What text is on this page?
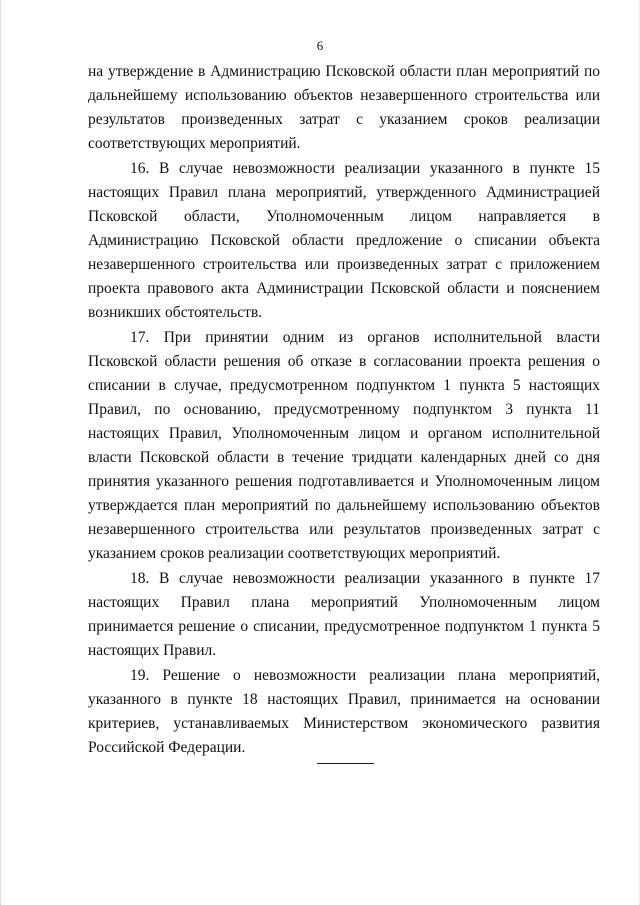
6

на утверждение в Администрацию Псковской области план мероприятий по дальнейшему использованию объектов незавершенного строительства или результатов произведенных затрат с указанием сроков реализации соответствующих мероприятий.

16. В случае невозможности реализации указанного в пункте 15 настоящих Правил плана мероприятий, утвержденного Администрацией Псковской области, Уполномоченным лицом направляется в Администрацию Псковской области предложение о списании объекта незавершенного строительства или произведенных затрат с приложением проекта правового акта Администрации Псковской области и пояснением возникших обстоятельств.

17. При принятии одним из органов исполнительной власти Псковской области решения об отказе в согласовании проекта решения о списании в случае, предусмотренном подпунктом 1 пункта 5 настоящих Правил, по основанию, предусмотренному подпунктом 3 пункта 11 настоящих Правил, Уполномоченным лицом и органом исполнительной власти Псковской области в течение тридцати календарных дней со дня принятия указанного решения подготавливается и Уполномоченным лицом утверждается план мероприятий по дальнейшему использованию объектов незавершенного строительства или результатов произведенных затрат с указанием сроков реализации соответствующих мероприятий.

18. В случае невозможности реализации указанного в пункте 17 настоящих Правил плана мероприятий Уполномоченным лицом принимается решение о списании, предусмотренное подпунктом 1 пункта 5 настоящих Правил.

19. Решение о невозможности реализации плана мероприятий, указанного в пункте 18 настоящих Правил, принимается на основании критериев, устанавливаемых Министерством экономического развития Российской Федерации.
